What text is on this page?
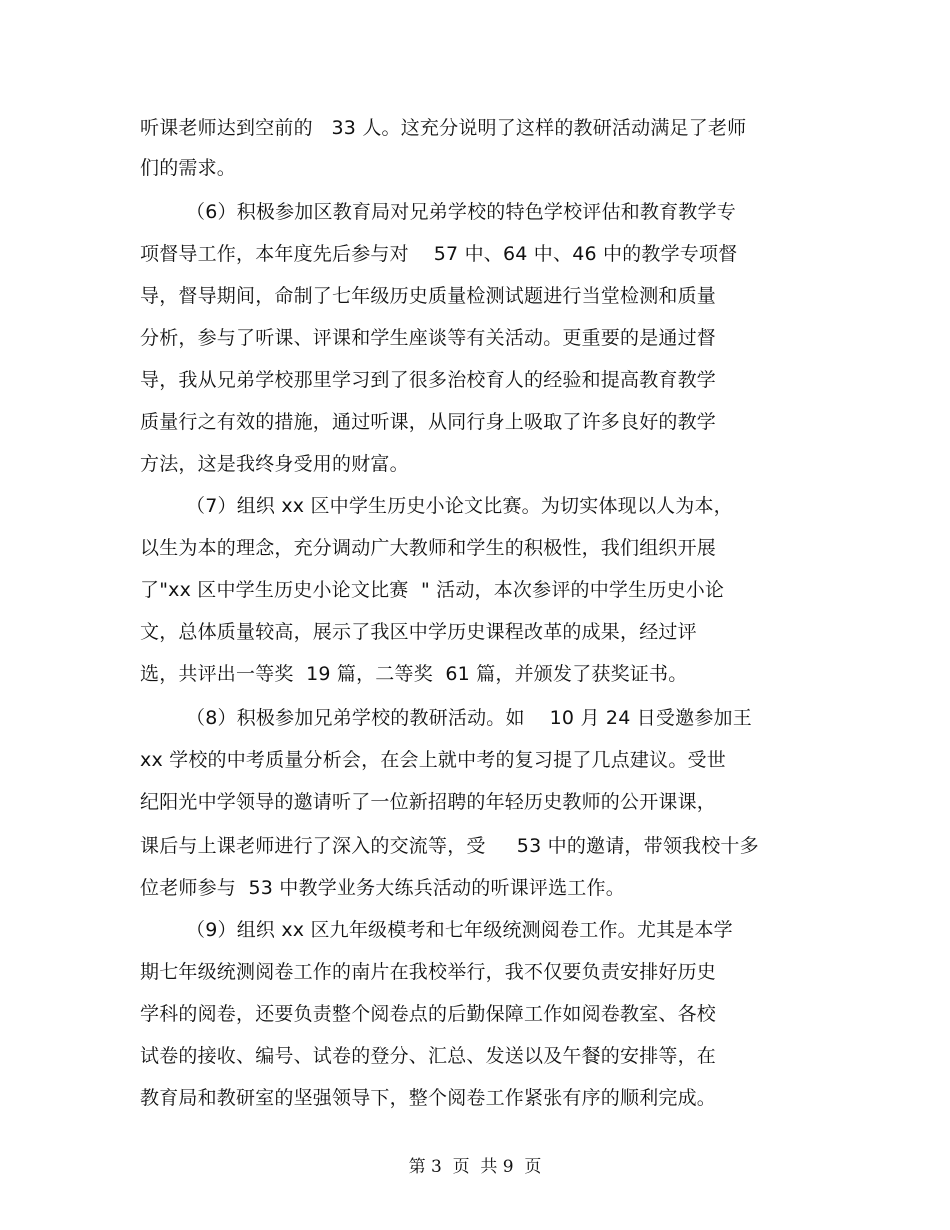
听课老师达到空前的   33 人。这充分说明了这样的教研活动满足了老师
们的需求。
（6）积极参加区教育局对兄弟学校的特色学校评估和教育教学专
项督导工作，本年度先后参与对    57 中、64 中、46 中的教学专项督
导，督导期间，命制了七年级历史质量检测试题进行当堂检测和质量
分析，参与了听课、评课和学生座谈等有关活动。更重要的是通过督
导，我从兄弟学校那里学习到了很多治校育人的经验和提高教育教学
质量行之有效的措施，通过听课，从同行身上吸取了许多良好的教学
方法，这是我终身受用的财富。
（7）组织 xx 区中学生历史小论文比赛。为切实体现以人为本，
以生为本的理念，充分调动广大教师和学生的积极性，我们组织开展
了"xx 区中学生历史小论文比赛  " 活动，本次参评的中学生历史小论
文，总体质量较高，展示了我区中学历史课程改革的成果，经过评
选，共评出一等奖  19 篇，二等奖  61 篇，并颁发了获奖证书。
（8）积极参加兄弟学校的教研活动。如    10 月 24 日受邀参加王
xx 学校的中考质量分析会，在会上就中考的复习提了几点建议。受世
纪阳光中学领导的邀请听了一位新招聘的年轻历史教师的公开课课，
课后与上课老师进行了深入的交流等，受     53 中的邀请，带领我校十多
位老师参与  53 中教学业务大练兵活动的听课评选工作。
（9）组织 xx 区九年级模考和七年级统测阅卷工作。尤其是本学
期七年级统测阅卷工作的南片在我校举行，我不仅要负责安排好历史
学科的阅卷，还要负责整个阅卷点的后勤保障工作如阅卷教室、各校
试卷的接收、编号、试卷的登分、汇总、发送以及午餐的安排等，在
教育局和教研室的坚强领导下，整个阅卷工作紧张有序的顺利完成。
第 3  页  共 9  页
